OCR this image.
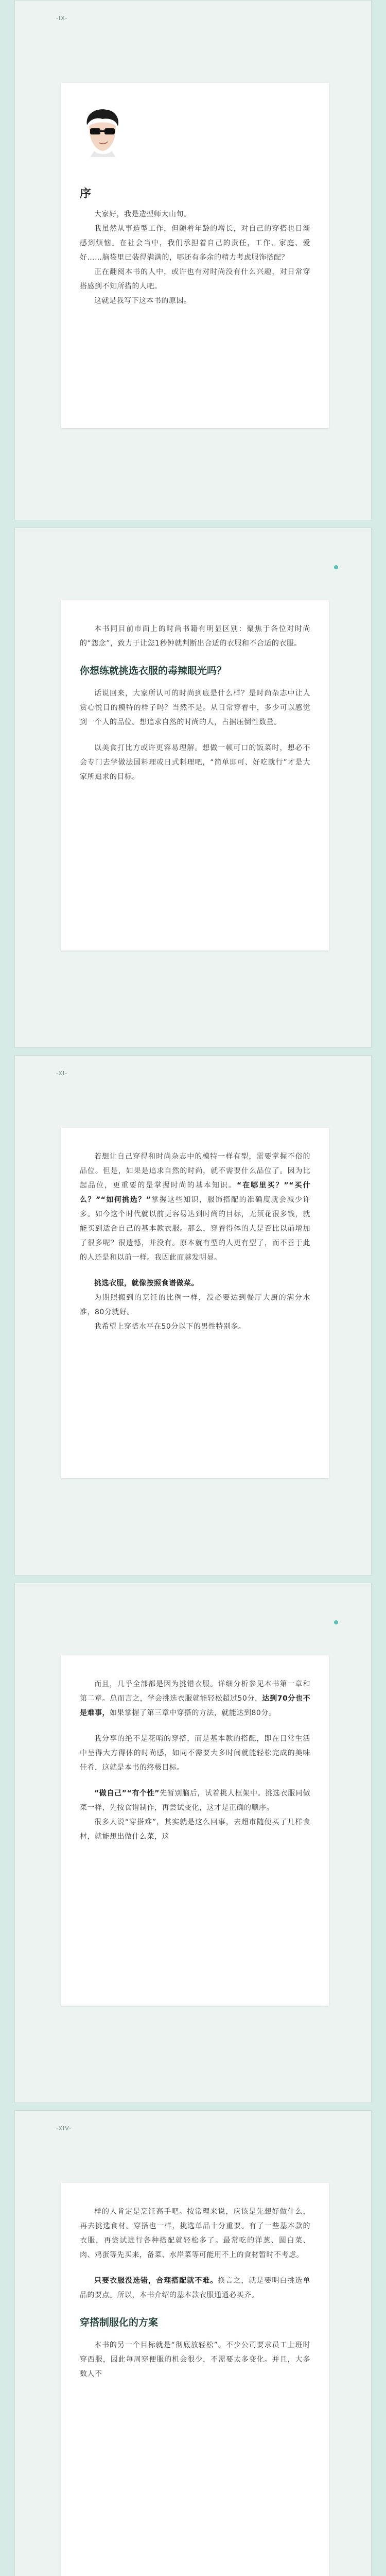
-IX-
序

大家好，我是造型师大山旬。

我虽然从事造型工作，但随着年龄的增长，对自己的穿搭也日渐感到烦恼。在社会当中，我们承担着自己的责任，工作、家庭、爱好……脑袋里已装得满满的，哪还有多余的精力考虑服饰搭配？

正在翻阅本书的人中，或许也有对时尚没有什么兴趣，对日常穿搭感到不知所措的人吧。

这就是我写下这本书的原因。

本书同目前市面上的时尚书籍有明显区别：聚焦于各位对时尚的“怨念”，致力于让您1秒钟就判断出合适的衣服和不合适的衣服。

你想练就挑选衣服的毒辣眼光吗？

话说回来，大家所认可的时尚到底是什么样？是时尚杂志中让人赏心悦目的模特的样子吗？当然不是。从日常穿着中，多少可以感觉到一个人的品位。想追求自然的时尚的人，占据压倒性数量。

以美食打比方或许更容易理解。想做一顿可口的饭菜时，想必不会专门去学做法国料理或日式料理吧，“简单即可、好吃就行”才是大家所追求的目标。

-XI-

若想让自己穿得和时尚杂志中的模特一样有型，需要掌握不俗的品位。但是，如果是追求自然的时尚，就不需要什么品位了。因为比起品位，更重要的是掌握时尚的基本知识。“在哪里买？”“买什么？”“如何挑选？”掌握这些知识，服饰搭配的准确度就会减少许多。如今这个时代就以前更容易达到时尚的目标，无须花很多钱，就能买到适合自己的基本款衣服。那么，穿着得体的人是否比以前增加了很多呢？很遗憾，并没有。原本就有型的人更有型了，而不善于此的人还是和以前一样。我因此而越发明显。

挑选衣服，就像按照食谱做菜。

为期照搬到的烹饪的比例一样，没必要达到餐厅大厨的满分水准，80分就好。

我希望上穿搭水平在50分以下的男性特别多。

而且，几乎全部都是因为挑错衣服。详细分析参见本书第一章和第二章。总而言之，学会挑选衣服就能轻松超过50分，达到70分也不是难事，如果掌握了第三章中穿搭的方法，就能达到80分。

我分享的绝不是花哨的穿搭，而是基本款的搭配，即在日常生活中呈得大方得体的时尚感，如同不需要大多时间就能轻松完成的美味佳肴，这就是本书的终极目标。

“做自己”“有个性”先暂别脑后，试着挑人框架中。挑选衣服同做菜一样，先按食谱制作，再尝试变化，这才是正确的顺序。

很多人说“穿搭难”，其实就是这么回事，去超市随便买了几样食材，就能想出做什么菜，这

-XIV-

样的人肯定是烹饪高手吧。按常理来说，应该是先想好做什么，再去挑选食材。穿搭也一样，挑选单品十分重要。有了一些基本款的衣服，再尝试进行各种搭配就轻松多了。最常吃的洋葱、圆白菜、肉、鸡蛋等先买来，备菜、水岸菜等可能用不上的食材暂时不考虑。

只要衣服没选错，合理搭配就不难。换言之，就是要明白挑选单品的要点。所以，本书介绍的基本款衣服通通必买齐。

穿搭制服化的方案

本书的另一个目标就是“彻底放轻松”。不少公司要求员工上班时穿西服，因此每周穿便服的机会很少，不需要太多变化。并且，大多数人不
